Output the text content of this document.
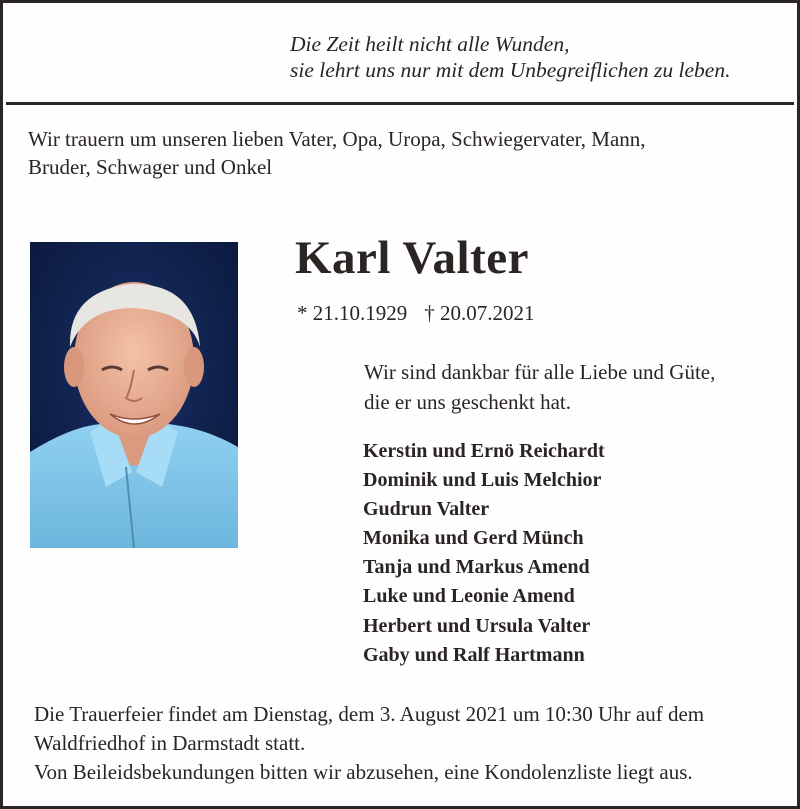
Die Zeit heilt nicht alle Wunden,
sie lehrt uns nur mit dem Unbegreiflichen zu leben.
Wir trauern um unseren lieben Vater, Opa, Uropa, Schwiegervater, Mann,
Bruder, Schwager und Onkel
Karl Valter
* 21.10.1929 † 20.07.2021
Wir sind dankbar für alle Liebe und Güte,
die er uns geschenkt hat.
Kerstin und Ernö Reichardt
Dominik und Luis Melchior
Gudrun Valter
Monika und Gerd Münch
Tanja und Markus Amend
Luke und Leonie Amend
Herbert und Ursula Valter
Gaby und Ralf Hartmann
Die Trauerfeier findet am Dienstag, dem 3. August 2021 um 10:30 Uhr auf dem
Waldfriedhof in Darmstadt statt.
Von Beileidsbekundungen bitten wir abzusehen, eine Kondolenzliste liegt aus.
